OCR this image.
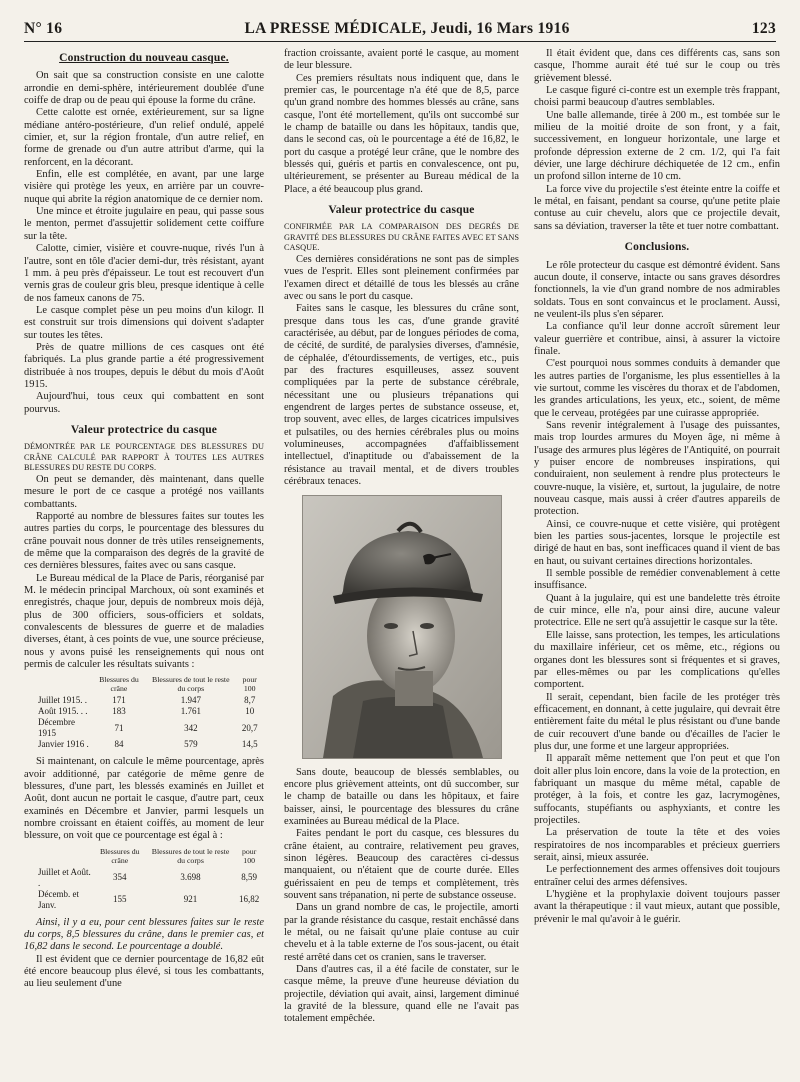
N° 16	LA PRESSE MÉDICALE, Jeudi, 16 Mars 1916	123
Construction du nouveau casque.

On sait que sa construction consiste en une calotte arrondie en demi-sphère, intérieurement doublée d'une coiffe de drap ou de peau qui épouse la forme du crâne.

Cette calotte est ornée, extérieurement, sur sa ligne médiane antéro-postérieure, d'un relief ondulé, appelé cimier, et, sur la région frontale, d'un autre relief, en forme de grenade ou d'un autre attribut d'arme, qui la renforcent, en la décorant.

Enfin, elle est complétée, en avant, par une large visière qui protège les yeux, en arrière par un couvre-nuque qui abrite la région anatomique de ce dernier nom.

Une mince et étroite jugulaire en peau, qui passe sous le menton, permet d'assujettir solidement cette coiffure sur la tête.

Calotte, cimier, visière et couvre-nuque, rivés l'un à l'autre, sont en tôle d'acier demi-dur, très résistant, ayant 1 mm. à peu près d'épaisseur. Le tout est recouvert d'un vernis gras de couleur gris bleu, presque identique à celle de nos fameux canons de 75.

Le casque complet pèse un peu moins d'un kilogr. Il est construit sur trois dimensions qui doivent s'adapter sur toutes les têtes.

Près de quatre millions de ces casques ont été fabriqués. La plus grande partie a été progressivement distribuée à nos troupes, depuis le début du mois d'Août 1915.

Aujourd'hui, tous ceux qui combattent en sont pourvus.

Valeur protectrice du casque

DÉMONTRÉE PAR LE POURCENTAGE DES BLESSURES DU CRÂNE CALCULÉ PAR RAPPORT À TOUTES LES AUTRES BLESSURES DU RESTE DU CORPS.

On peut se demander, dès maintenant, dans quelle mesure le port de ce casque a protégé nos vaillants combattants.

Rapporté au nombre de blessures faites sur toutes les autres parties du corps, le pourcentage des blessures du crâne pouvait nous donner de très utiles renseignements, de même que la comparaison des degrés de la gravité de ces dernières blessures, faites avec ou sans casque.

Le Bureau médical de la Place de Paris, réorganisé par M. le médecin principal Marchoux, où sont examinés et enregistrés, chaque jour, depuis de nombreux mois déjà, plus de 300 officiers, sous-officiers et soldats, convalescents de blessures de guerre et de maladies diverses, étant, à ces points de vue, une source précieuse, nous y avons puisé les renseignements qui nous ont permis de calculer les résultats suivants :

	Blessures du crâne	Blessures de tout le reste du corps	pour 100
Juillet 1915. .	171	1.947	8,7
Août 1915. . .	183	1.761	10
Décembre 1915	71	342	20,7
Janvier 1916 .	84	579	14,5

Si maintenant, on calcule le même pourcentage, après avoir additionné, par catégorie de même genre de blessures, d'une part, les blessés examinés en Juillet et Août, dont aucun ne portait le casque, d'autre part, ceux examinés en Décembre et Janvier, parmi lesquels un nombre croissant en étaient coiffés, au moment de leur blessure, on voit que ce pourcentage est égal à :

	Blessures du crâne	Blessures de tout le reste du corps	pour 100
Juillet et Août. .	354	3.698	8,59
Décemb. et Janv.	155	921	16,82

Ainsi, il y a eu, pour cent blessures faites sur le reste du corps, 8,5 blessures du crâne, dans le premier cas, et 16,82 dans le second. Le pourcentage a doublé.

Il est évident que ce dernier pourcentage de 16,82 eût été encore beaucoup plus élevé, si tous les combattants, au lieu seulement d'une

fraction croissante, avaient porté le casque, au moment de leur blessure.

Ces premiers résultats nous indiquent que, dans le premier cas, le pourcentage n'a été que de 8,5, parce qu'un grand nombre des hommes blessés au crâne, sans casque, l'ont été mortellement, qu'ils ont succombé sur le champ de bataille ou dans les hôpitaux, tandis que, dans le second cas, où le pourcentage a été de 16,82, le port du casque a protégé leur crâne, que le nombre des blessés qui, guéris et partis en convalescence, ont pu, ultérieurement, se présenter au Bureau médical de la Place, a été beaucoup plus grand.

Valeur protectrice du casque

CONFIRMÉE PAR LA COMPARAISON DES DEGRÉS DE GRAVITÉ DES BLESSURES DU CRÂNE FAITES AVEC ET SANS CASQUE.

Ces dernières considérations ne sont pas de simples vues de l'esprit. Elles sont pleinement confirmées par l'examen direct et détaillé de tous les blessés au crâne avec ou sans le port du casque.

Faites sans le casque, les blessures du crâne sont, presque dans tous les cas, d'une grande gravité caractérisée, au début, par de longues périodes de coma, de cécité, de surdité, de paralysies diverses, d'amnésie, de céphalée, d'étourdissements, de vertiges, etc., puis par des fractures esquilleuses, assez souvent compliquées par la perte de substance cérébrale, nécessitant une ou plusieurs trépanations qui engendrent de larges pertes de substance osseuse, et, trop souvent, avec elles, de larges cicatrices impulsives et pulsatiles, ou des hernies cérébrales plus ou moins volumineuses, accompagnées d'affaiblissement intellectuel, d'inaptitude ou d'abaissement de la résistance au travail mental, et de divers troubles cérébraux tenaces.

Sans doute, beaucoup de blessés semblables, ou encore plus grièvement atteints, ont dû succomber, sur le champ de bataille ou dans les hôpitaux, et faire baisser, ainsi, le pourcentage des blessures du crâne examinées au Bureau médical de la Place.

Faites pendant le port du casque, ces blessures du crâne étaient, au contraire, relativement peu graves, sinon légères. Beaucoup des caractères ci-dessus manquaient, ou n'étaient que de courte durée. Elles guérissaient en peu de temps et complètement, très souvent sans trépanation, ni perte de substance osseuse.

Dans un grand nombre de cas, le projectile, amorti par la grande résistance du casque, restait enchâssé dans le métal, ou ne faisait qu'une plaie contuse au cuir chevelu et à la table externe de l'os sous-jacent, ou était resté arrêté dans cet os cranien, sans le traverser.

Dans d'autres cas, il a été facile de constater, sur le casque même, la preuve d'une heureuse déviation du projectile, déviation qui avait, ainsi, largement diminué la gravité de la blessure, quand elle ne l'avait pas totalement empêchée.

Il était évident que, dans ces différents cas, sans son casque, l'homme aurait été tué sur le coup ou très grièvement blessé.

Le casque figuré ci-contre est un exemple très frappant, choisi parmi beaucoup d'autres semblables.

Une balle allemande, tirée à 200 m., est tombée sur le milieu de la moitié droite de son front, y a fait, successivement, en longueur horizontale, une large et profonde dépression externe de 2 cm. 1/2, qui l'a fait dévier, une large déchirure déchiquetée de 12 cm., enfin un profond sillon interne de 10 cm.

La force vive du projectile s'est éteinte entre la coiffe et le métal, en faisant, pendant sa course, qu'une petite plaie contuse au cuir chevelu, alors que ce projectile devait, sans sa déviation, traverser la tête et tuer notre combattant.

Conclusions.

Le rôle protecteur du casque est démontré évident. Sans aucun doute, il conserve, intacte ou sans graves désordres fonctionnels, la vie d'un grand nombre de nos admirables soldats. Tous en sont convaincus et le proclament. Aussi, ne veulent-ils plus s'en séparer.

La confiance qu'il leur donne accroît sûrement leur valeur guerrière et contribue, ainsi, à assurer la victoire finale.

C'est pourquoi nous sommes conduits à demander que les autres parties de l'organisme, les plus essentielles à la vie surtout, comme les viscères du thorax et de l'abdomen, les grandes articulations, les yeux, etc., soient, de même que le cerveau, protégées par une cuirasse appropriée.

Sans revenir intégralement à l'usage des puissantes, mais trop lourdes armures du Moyen âge, ni même à l'usage des armures plus légères de l'Antiquité, on pourrait y puiser encore de nombreuses inspirations, qui conduiraient, non seulement à rendre plus protecteurs le couvre-nuque, la visière, et, surtout, la jugulaire, de notre nouveau casque, mais aussi à créer d'autres appareils de protection.

Ainsi, ce couvre-nuque et cette visière, qui protègent bien les parties sous-jacentes, lorsque le projectile est dirigé de haut en bas, sont inefficaces quand il vient de bas en haut, ou suivant certaines directions horizontales.

Il semble possible de remédier convenablement à cette insuffisance.

Quant à la jugulaire, qui est une bandelette très étroite de cuir mince, elle n'a, pour ainsi dire, aucune valeur protectrice. Elle ne sert qu'à assujettir le casque sur la tête.

Elle laisse, sans protection, les tempes, les articulations du maxillaire inférieur, cet os même, etc., régions ou organes dont les blessures sont si fréquentes et si graves, par elles-mêmes ou par les complications qu'elles comportent.

Il serait, cependant, bien facile de les protéger très efficacement, en donnant, à cette jugulaire, qui devrait être entièrement faite du métal le plus résistant ou d'une bande de cuir recouvert d'une bande ou d'écailles de l'acier le plus dur, une forme et une largeur appropriées.

Il apparaît même nettement que l'on peut et que l'on doit aller plus loin encore, dans la voie de la protection, en fabriquant un masque du même métal, capable de protéger, à la fois, et contre les gaz, lacrymogènes, suffocants, stupéfiants ou asphyxiants, et contre les projectiles.

La préservation de toute la tête et des voies respiratoires de nos incomparables et précieux guerriers serait, ainsi, mieux assurée.

Le perfectionnement des armes offensives doit toujours entraîner celui des armes défensives.

L'hygiène et la prophylaxie doivent toujours passer avant la thérapeutique : il vaut mieux, autant que possible, prévenir le mal qu'avoir à le guérir.
